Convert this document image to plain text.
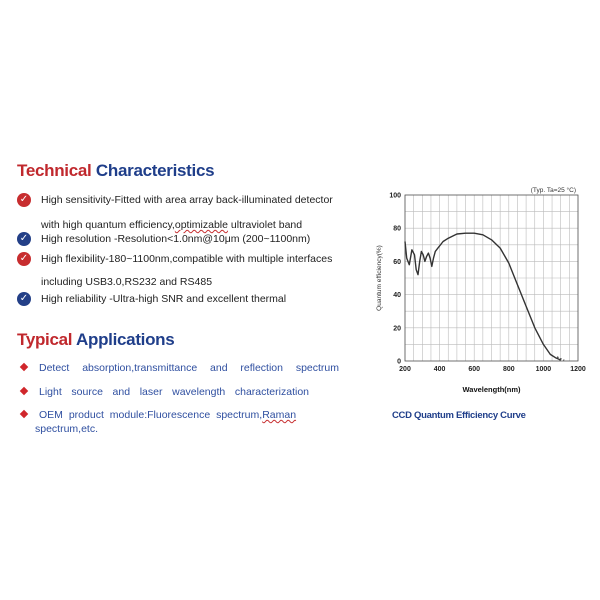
Technical Characteristics
✓ High sensitivity-Fitted with area array back-illuminated detector
with high quantum efficiency,optimizable ultraviolet band
✓ High resolution -Resolution<1.0nm@10μm (200~1100nm)
✓ High flexibility-180~1100nm,compatible with multiple interfaces
including USB3.0,RS232 and RS485
✓ High reliability -Ultra-high SNR and excellent thermal
Typical Applications
Detect absorption,transmittance and reflection spectrum
Light source and laser wavelength characterization
OEM product module:Fluorescence spectrum,Raman
spectrum,etc.
200	400	600	800	1000	1200
0
20
40
60
80
100
Wavelength(nm)
Quantum efficiency(%)
(Typ. Ta=25 °C)
CCD Quantum Efficiency Curve
